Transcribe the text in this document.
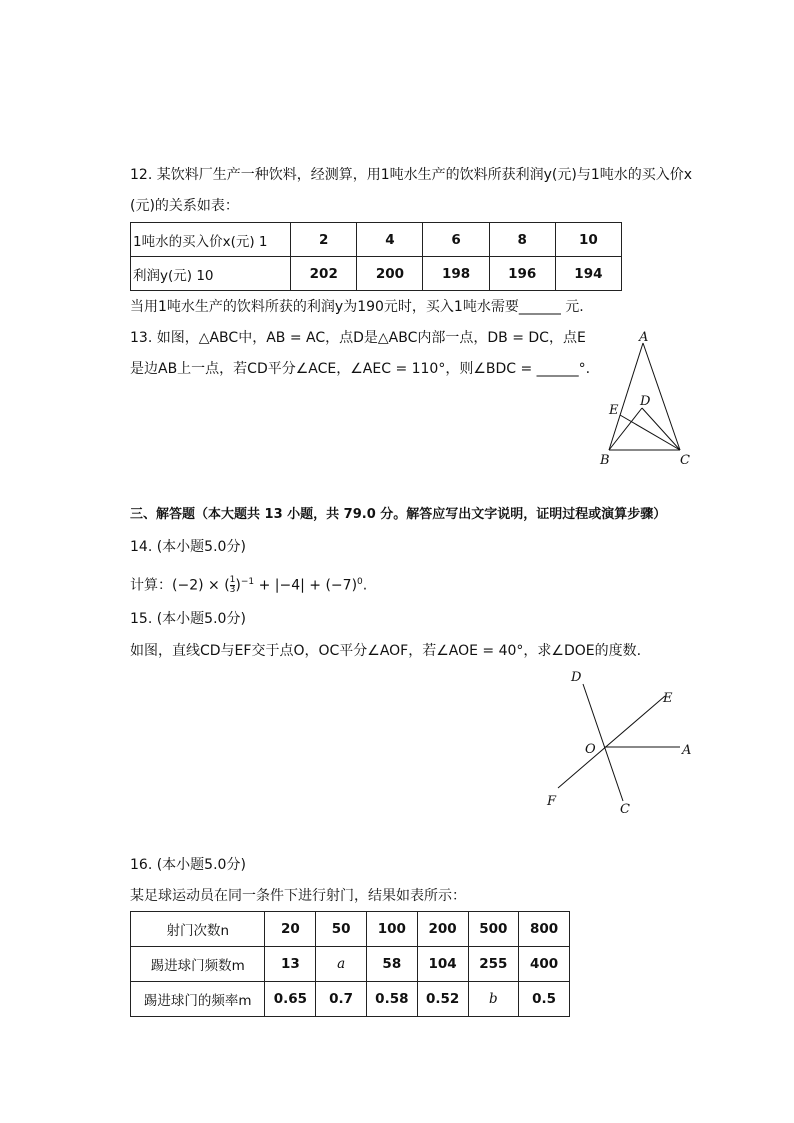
12. 某饮料厂生产一种饮料，经测算，用1吨水生产的饮料所获利润y(元)与1吨水的买入价x
(元)的关系如表：
1吨水的买入价x(元) 1	2	4	6	8	10
利润y(元) 10	202	200	198	196	194
当用1吨水生产的饮料所获的利润y为190元时，买入1吨水需要______ 元.
13. 如图，△ABC中，AB = AC，点D是△ABC内部一点，DB = DC，点E
是边AB上一点，若CD平分∠ACE，∠AEC = 110°，则∠BDC = ______°.
A
B	C
D
E
三、解答题（本大题共 13 小题，共 79.0 分。解答应写出文字说明，证明过程或演算步骤）
14. (本小题5.0分)
计算：(−2) × ( $\frac{1}{3} )^{-1} + |-4| + (-7)^0$.
15. (本小题5.0分)
如图，直线CD与EF交于点O，OC平分∠AOF，若∠AOE = 40°，求∠DOE的度数.
D
E
O	A
F
C
16. (本小题5.0分)
某足球运动员在同一条件下进行射门，结果如表所示：
射门次数n	20	50	100	200	500	800
踢进球门频数m	13	a	58	104	255	400
踢进球门的频率m	0.65	0.7	0.58	0.52	b	0.5
